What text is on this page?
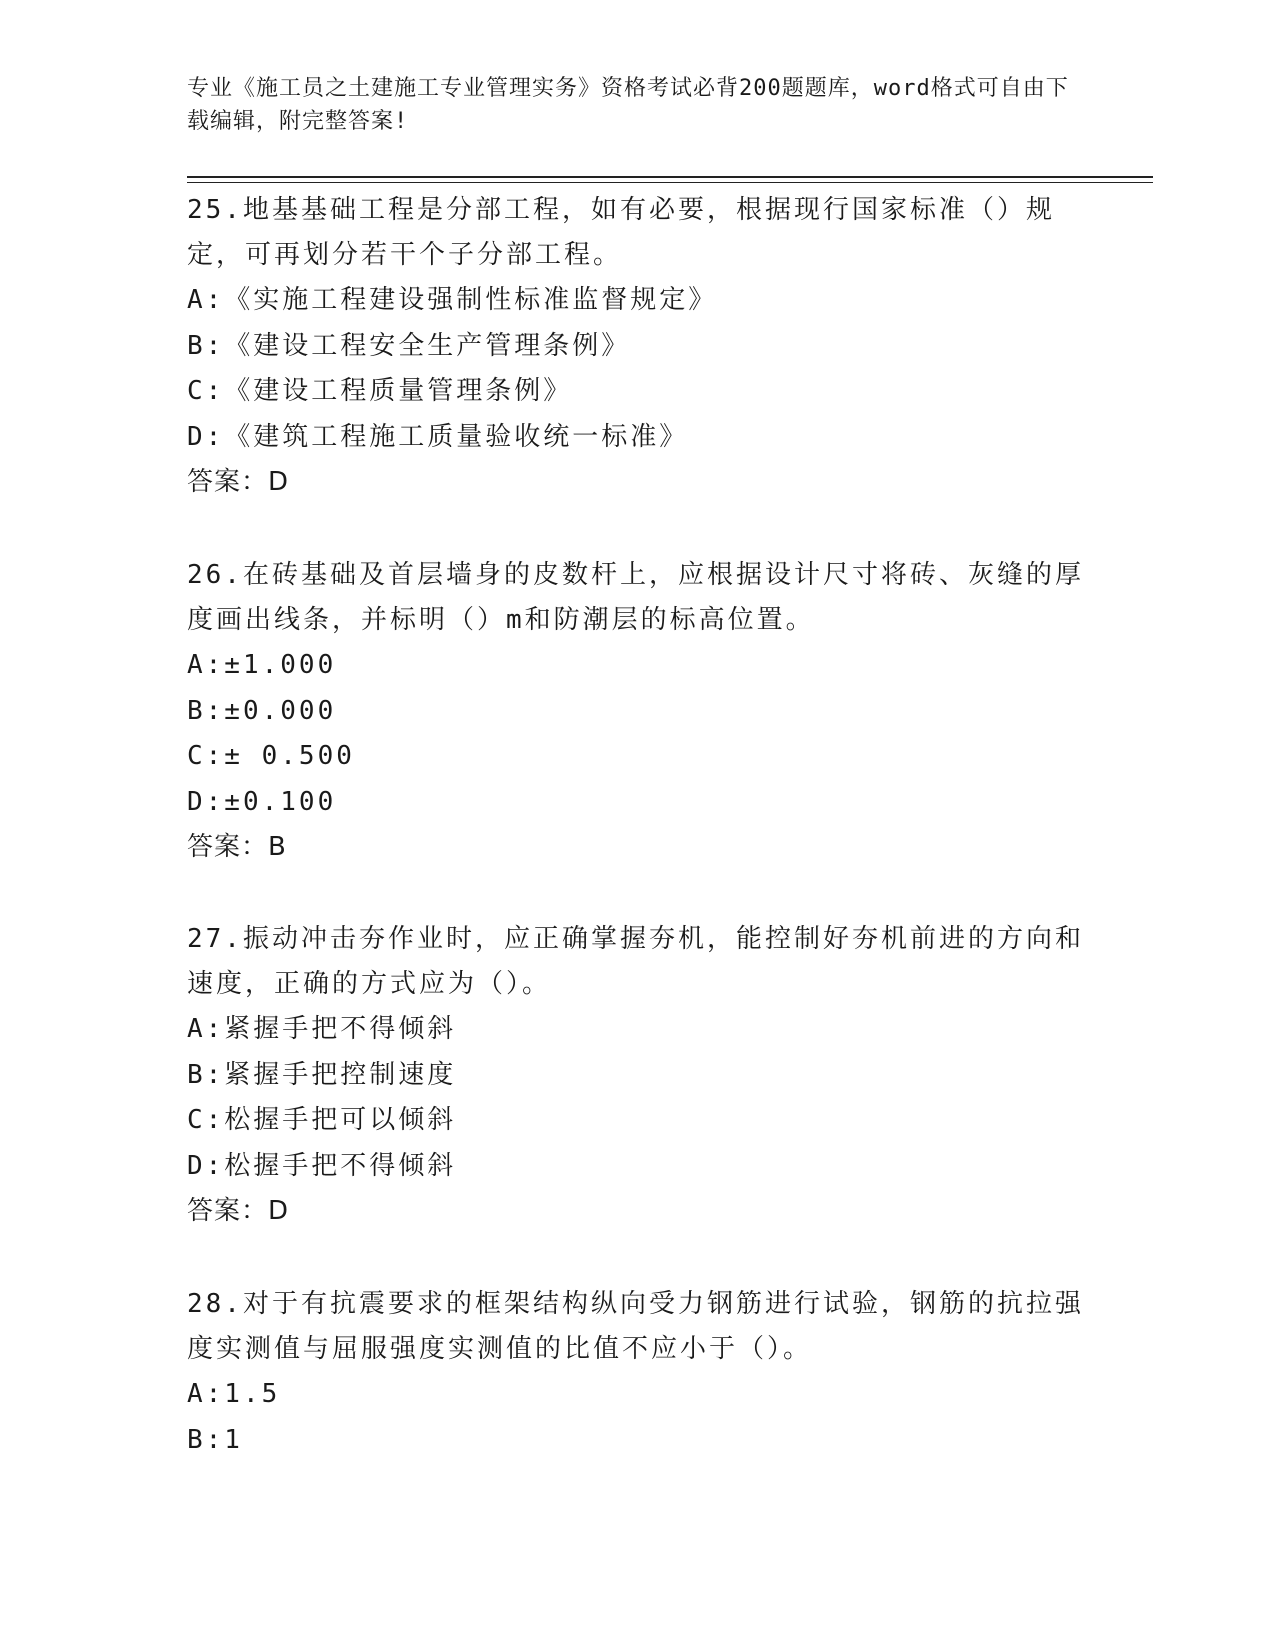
专业《施工员之土建施工专业管理实务》资格考试必背200题题库，word格式可自由下载编辑，附完整答案!

25.地基基础工程是分部工程，如有必要，根据现行国家标准（）规定，可再划分若干个子分部工程。

A:《实施工程建设强制性标准监督规定》
B:《建设工程安全生产管理条例》
C:《建设工程质量管理条例》
D:《建筑工程施工质量验收统一标准》
答案：D

26.在砖基础及首层墙身的皮数杆上，应根据设计尺寸将砖、灰缝的厚度画出线条，并标明（）m和防潮层的标高位置。

A:±1.000
B:±0.000
C:± 0.500
D:±0.100
答案：B

27.振动冲击夯作业时，应正确掌握夯机，能控制好夯机前进的方向和速度，正确的方式应为（）。

A:紧握手把不得倾斜
B:紧握手把控制速度
C:松握手把可以倾斜
D:松握手把不得倾斜
答案：D

28.对于有抗震要求的框架结构纵向受力钢筋进行试验，钢筋的抗拉强度实测值与屈服强度实测值的比值不应小于（）。

A:1.5
B:1
